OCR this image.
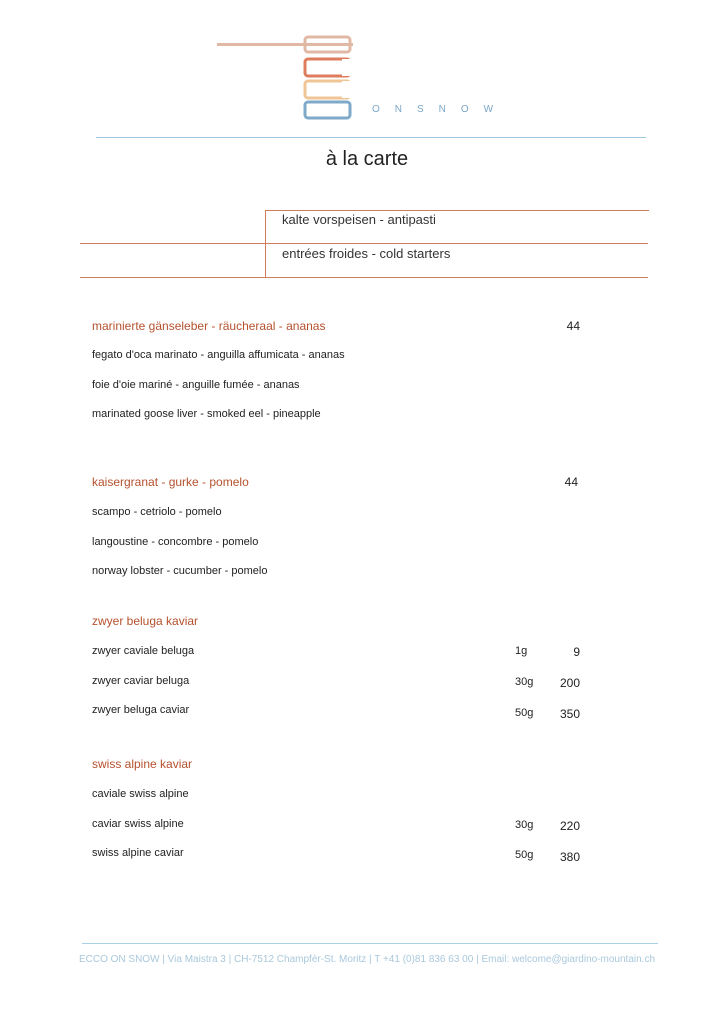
ONSNOW
à la carte
kalte vorspeisen - antipasti
entrées froides - cold starters
marinierte gänseleber - räucheraal - ananas	44
fegato d'oca marinato - anguilla affumicata - ananas
foie d'oie mariné - anguille fumée - ananas
marinated goose liver - smoked eel - pineapple
kaisergranat - gurke - pomelo	44
scampo - cetriolo - pomelo
langoustine - concombre - pomelo
norway lobster - cucumber - pomelo
zwyer beluga kaviar
zwyer caviale beluga	1g	9
zwyer caviar beluga	30g	200
zwyer beluga caviar	50g	350
swiss alpine kaviar
caviale swiss alpine
caviar swiss alpine	30g	220
swiss alpine caviar	50g	380
ECCO ON SNOW | Via Maistra 3 | CH-7512 Champfèr-St. Moritz | T +41 (0)81 836 63 00 | Email: welcome@giardino-mountain.ch
